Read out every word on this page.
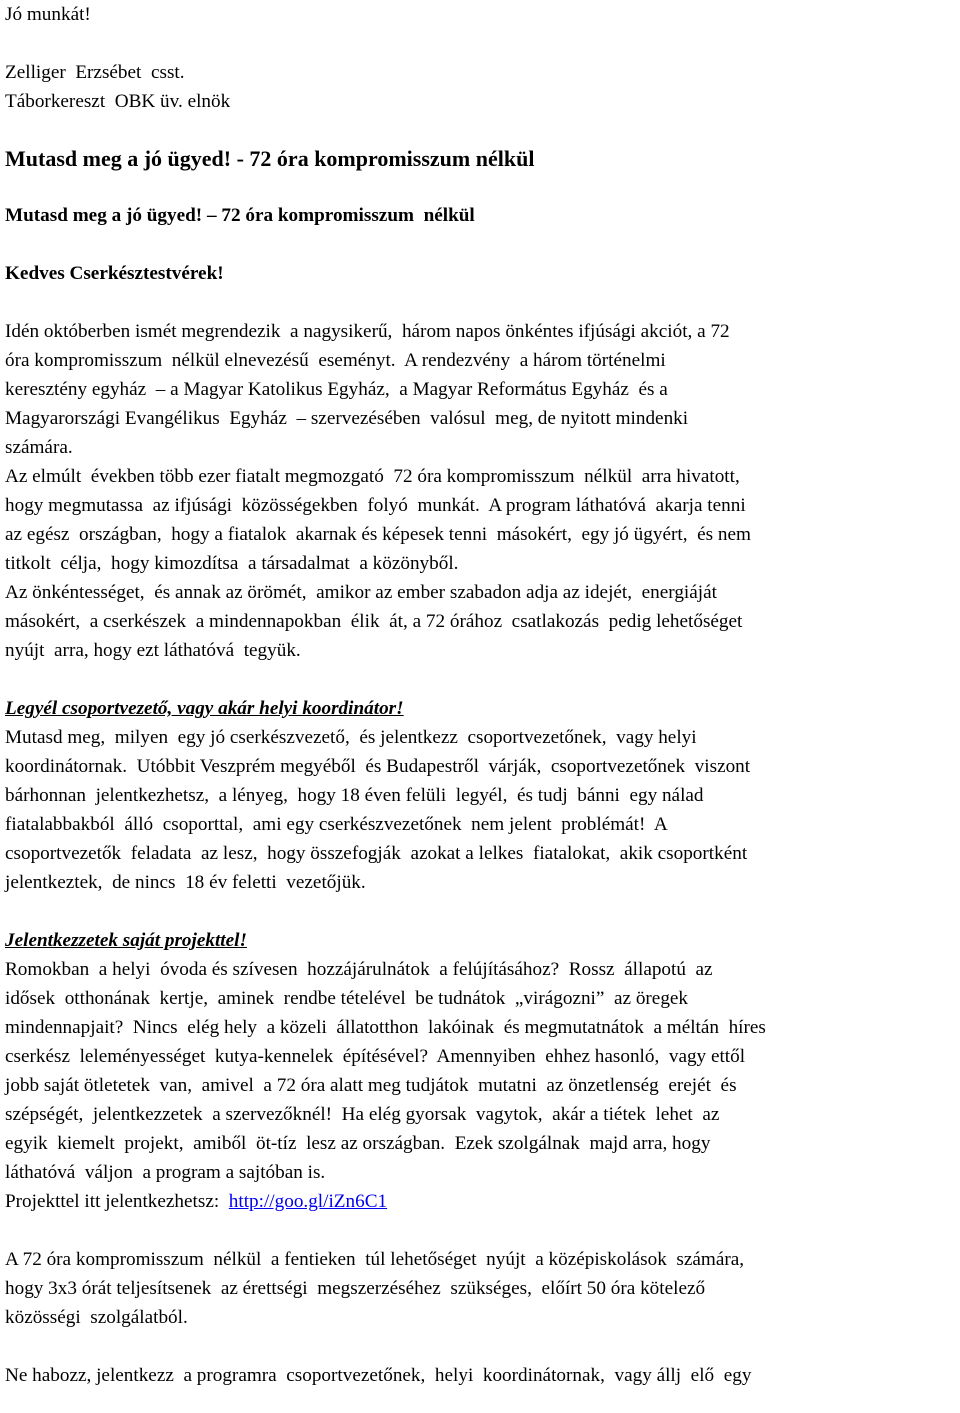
Jó munkát!
Zelliger  Erzsébet  csst.
Táborkereszt  OBK üv. elnök
Mutasd meg a jó ügyed! - 72 óra kompromisszum nélkül
Mutasd meg a jó ügyed! – 72 óra kompromisszum  nélkül
Kedves Cserkésztestvérek!
Idén októberben ismét megrendezik  a nagysikerű,  három napos önkéntes ifjúsági akciót, a 72
óra kompromisszum  nélkül elnevezésű  eseményt.  A rendezvény  a három történelmi
keresztény egyház  – a Magyar Katolikus Egyház,  a Magyar Református Egyház  és a
Magyarországi Evangélikus  Egyház  – szervezésében  valósul  meg, de nyitott mindenki
számára.
Az elmúlt  években több ezer fiatalt megmozgató  72 óra kompromisszum  nélkül  arra hivatott,
hogy megmutassa  az ifjúsági  közösségekben  folyó  munkát.  A program láthatóvá  akarja tenni
az egész  országban,  hogy a fiatalok  akarnak és képesek tenni  másokért,  egy jó ügyért,  és nem
titkolt  célja,  hogy kimozdítsa  a társadalmat  a közönyből.
Az önkéntességet,  és annak az örömét,  amikor az ember szabadon adja az idejét,  energiáját
másokért,  a cserkészek  a mindennapokban  élik  át, a 72 órához  csatlakozás  pedig lehetőséget
nyújt  arra, hogy ezt láthatóvá  tegyük.
Legyél csoportvezető, vagy akár helyi koordinátor!
Mutasd meg,  milyen  egy jó cserkészvezető,  és jelentkezz  csoportvezetőnek,  vagy helyi
koordinátornak.  Utóbbit Veszprém megyéből  és Budapestről  várják,  csoportvezetőnek  viszont
bárhonnan  jelentkezhetsz,  a lényeg,  hogy 18 éven felüli  legyél,  és tudj  bánni  egy nálad
fiatalabbakból  álló  csoporttal,  ami egy cserkészvezetőnek  nem jelent  problémát!  A
csoportvezetők  feladata  az lesz,  hogy összefogják  azokat a lelkes  fiatalokat,  akik csoportként
jelentkeztek,  de nincs  18 év feletti  vezetőjük.
Jelentkezzetek saját projekttel!
Romokban  a helyi  óvoda és szívesen  hozzájárulnátok  a felújításához?  Rossz  állapotú  az
idősek  otthonának  kertje,  aminek  rendbe tételével  be tudnátok  „virágozni”  az öregek
mindennapjait?  Nincs  elég hely  a közeli  állatotthon  lakóinak  és megmutatnátok  a méltán  híres
cserkész  leleményességet  kutya-kennelek  építésével?  Amennyiben  ehhez hasonló,  vagy ettől
jobb saját ötletetek  van,  amivel  a 72 óra alatt meg tudjátok  mutatni  az önzetlenség  erejét  és
szépségét,  jelentkezzetek  a szervezőknél!  Ha elég gyorsak  vagytok,  akár a tiétek  lehet  az
egyik  kiemelt  projekt,  amiből  öt-tíz  lesz az országban.  Ezek szolgálnak  majd arra, hogy
láthatóvá  váljon  a program a sajtóban is.
Projekttel itt jelentkezhetsz:  http://goo.gl/iZn6C1
A 72 óra kompromisszum  nélkül  a fentieken  túl lehetőséget  nyújt  a középiskolások  számára,
hogy 3x3 órát teljesítsenek  az érettségi  megszerzéséhez  szükséges,  előírt 50 óra kötelező
közösségi  szolgálatból.
Ne habozz, jelentkezz  a programra  csoportvezetőnek,  helyi  koordinátornak,  vagy állj  elő  egy
